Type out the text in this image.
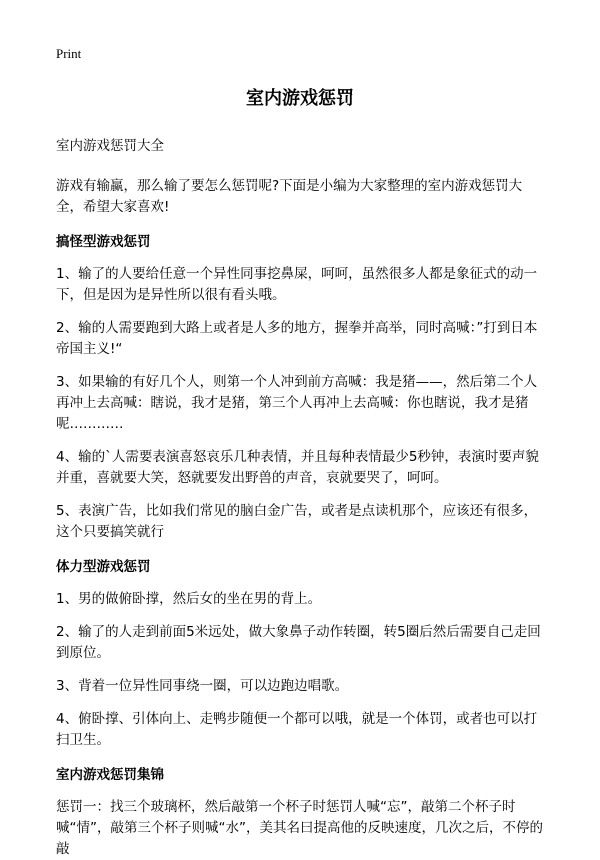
Print
室内游戏惩罚
室内游戏惩罚大全

游戏有输赢，那么输了要怎么惩罚呢?下面是小编为大家整理的室内游戏惩罚大全，希望大家喜欢!

搞怪型游戏惩罚

1、输了的人要给任意一个异性同事挖鼻屎，呵呵，虽然很多人都是象征式的动一下，但是因为是异性所以很有看头哦。

2、输的人需要跑到大路上或者是人多的地方，握拳并高举，同时高喊：”打到日本帝国主义!“

3、如果输的有好几个人，则第一个人冲到前方高喊：我是猪——，然后第二个人再冲上去高喊：瞎说，我才是猪，第三个人再冲上去高喊：你也瞎说，我才是猪呢…………

4、输的`人需要表演喜怒哀乐几种表情，并且每种表情最少5秒钟，表演时要声貌并重，喜就要大笑，怒就要发出野兽的声音，哀就要哭了，呵呵。

5、表演广告，比如我们常见的脑白金广告，或者是点读机那个，应该还有很多，这个只要搞笑就行

体力型游戏惩罚

1、男的做俯卧撑，然后女的坐在男的背上。

2、输了的人走到前面5米远处，做大象鼻子动作转圈，转5圈后然后需要自己走回到原位。

3、背着一位异性同事绕一圈，可以边跑边唱歌。

4、俯卧撑、引体向上、走鸭步随便一个都可以哦，就是一个体罚，或者也可以打扫卫生。

室内游戏惩罚集锦

惩罚一：找三个玻璃杯，然后敲第一个杯子时惩罚人喊“忘”，敲第二个杯子时喊“情”，敲第三个杯子则喊“水”，美其名曰提高他的反映速度，几次之后，不停的敲
